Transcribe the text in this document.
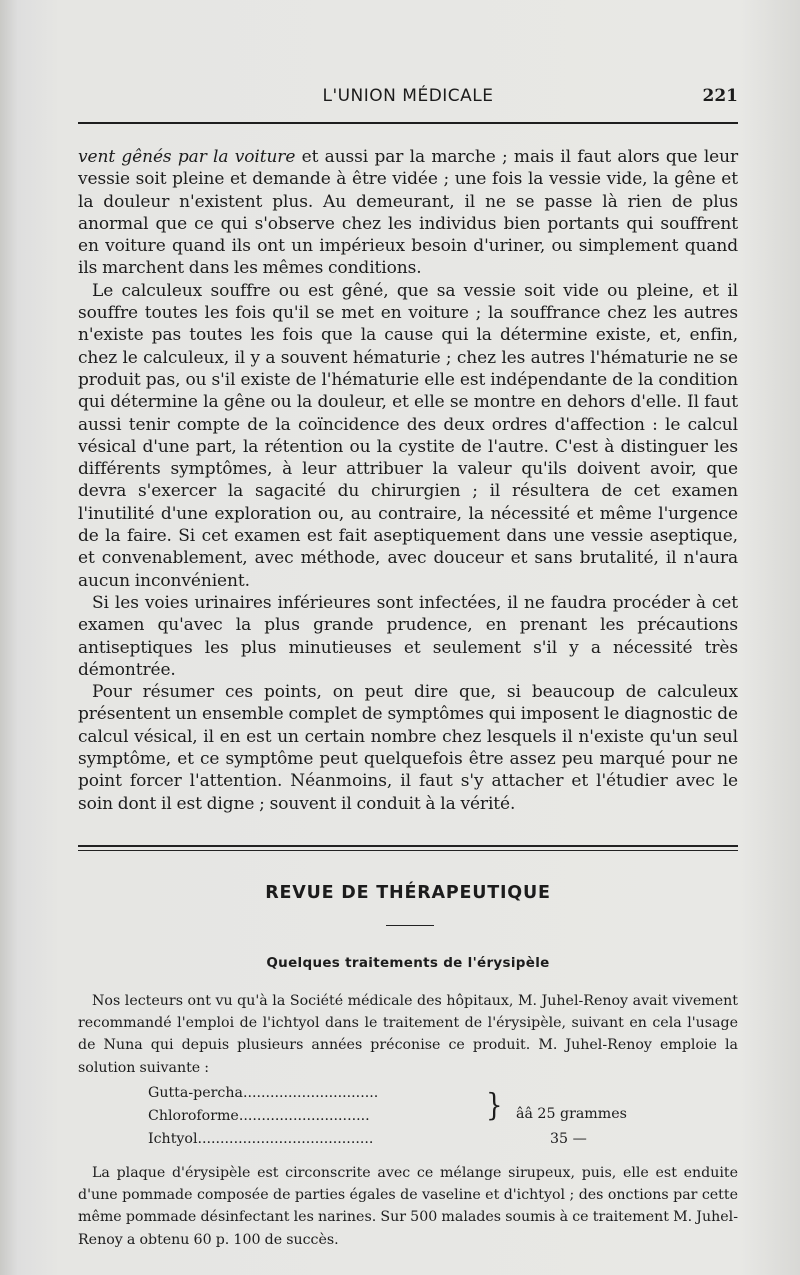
L'UNION MÉDICALE	221

vent gênés par la voiture et aussi par la marche ; mais il faut alors que leur vessie soit pleine et demande à être vidée ; une fois la vessie vide, la gêne et la douleur n'existent plus. Au demeurant, il ne se passe là rien de plus anormal que ce qui s'observe chez les individus bien portants qui souffrent en voiture quand ils ont un impérieux besoin d'uriner, ou simplement quand ils marchent dans les mêmes conditions.

Le calculeux souffre ou est gêné, que sa vessie soit vide ou pleine, et il souffre toutes les fois qu'il se met en voiture ; la souffrance chez les autres n'existe pas toutes les fois que la cause qui la détermine existe, et, enfin, chez le calculeux, il y a souvent hématurie ; chez les autres l'hématurie ne se produit pas, ou s'il existe de l'hématurie elle est indépendante de la condition qui détermine la gêne ou la douleur, et elle se montre en dehors d'elle. Il faut aussi tenir compte de la coïncidence des deux ordres d'affection : le calcul vésical d'une part, la rétention ou la cystite de l'autre. C'est à distinguer les différents symptômes, à leur attribuer la valeur qu'ils doivent avoir, que devra s'exercer la sagacité du chirurgien ; il résultera de cet examen l'inutilité d'une exploration ou, au contraire, la nécessité et même l'urgence de la faire. Si cet examen est fait aseptiquement dans une vessie aseptique, et convenablement, avec méthode, avec douceur et sans brutalité, il n'aura aucun inconvénient.

Si les voies urinaires inférieures sont infectées, il ne faudra procéder à cet examen qu'avec la plus grande prudence, en prenant les précautions antiseptiques les plus minutieuses et seulement s'il y a nécessité très démontrée.

Pour résumer ces points, on peut dire que, si beaucoup de calculeux présentent un ensemble complet de symptômes qui imposent le diagnostic de calcul vésical, il en est un certain nombre chez lesquels il n'existe qu'un seul symptôme, et ce symptôme peut quelquefois être assez peu marqué pour ne point forcer l'attention. Néanmoins, il faut s'y attacher et l'étudier avec le soin dont il est digne ; souvent il conduit à la vérité.

REVUE DE THÉRAPEUTIQUE
Quelques traitements de l'érysipèle

Nos lecteurs ont vu qu'à la Société médicale des hôpitaux, M. Juhel-Renoy avait vivement recommandé l'emploi de l'ichtyol dans le traitement de l'érysipèle, suivant en cela l'usage de Nuna qui depuis plusieurs années préconise ce produit. M. Juhel-Renoy emploie la solution suivante :

Gutta-percha..............................
Chloroforme.............................
Ichtyol.......................................
} ââ 25 grammes
35 —

La plaque d'érysipèle est circonscrite avec ce mélange sirupeux, puis, elle est enduite d'une pommade composée de parties égales de vaseline et d'ichtyol ; des onctions par cette même pommade désinfectant les narines. Sur 500 malades soumis à ce traitement M. Juhel-Renoy a obtenu 60 p. 100 de succès.
